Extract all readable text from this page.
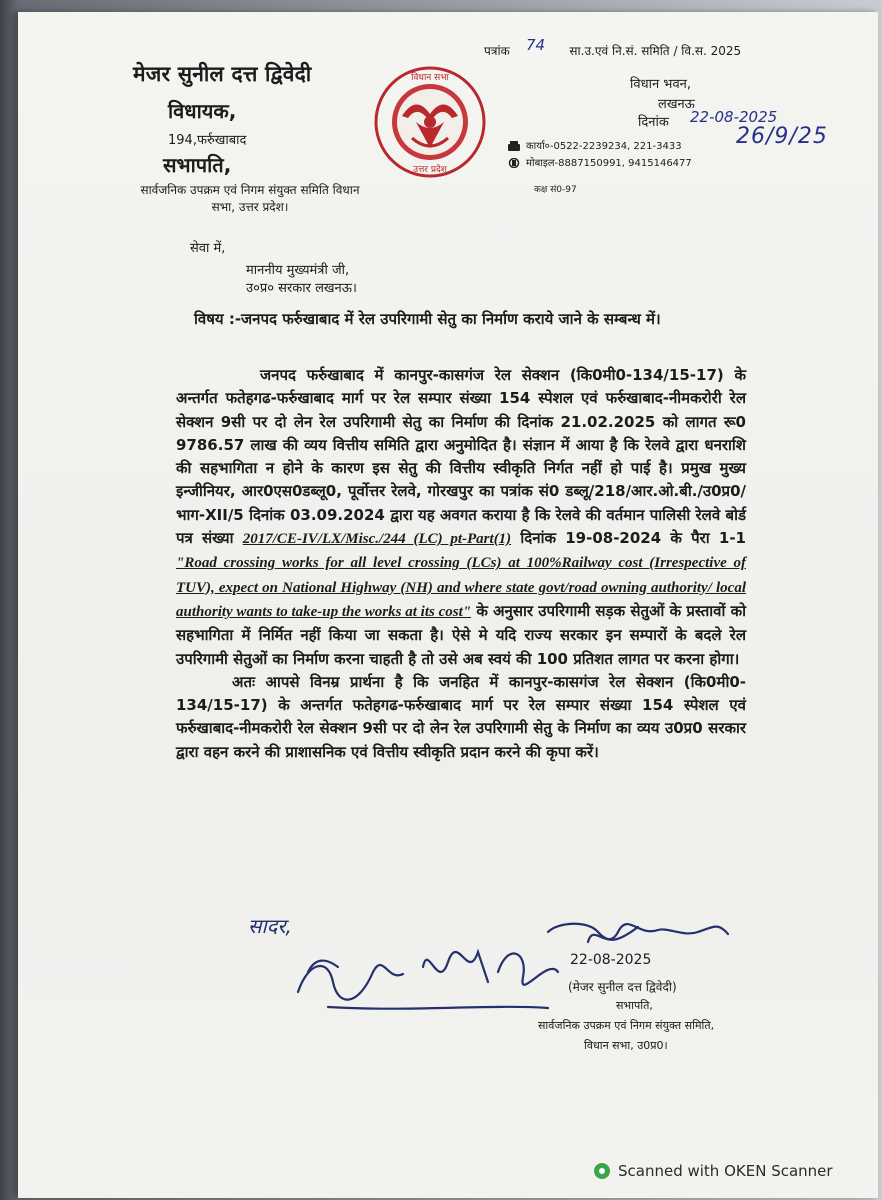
मेजर सुनील दत्त द्विवेदी
विधायक,
194,फर्रुखाबाद
सभापति,
सार्वजनिक उपक्रम एवं निगम संयुक्त समिति विधान सभा, उत्तर प्रदेश।
विधान सभा
उत्तर प्रदेश
पत्रांक	सा.उ.एवं नि.सं. समिति / वि.स. 2025
74
विधान भवन,
लखनऊ
दिनांक 22-08-2025
26/9/25
कार्या०-0522-2239234, 221-3433
मोबाइल-8887150991, 9415146477
कक्ष सं0-97
सेवा में,
माननीय मुख्यमंत्री जी,
उ०प्र० सरकार लखनऊ।
विषय :-जनपद फर्रुखाबाद में रेल उपरिगामी सेतु का निर्माण कराये जाने के सम्बन्ध में।

जनपद फर्रुखाबाद में कानपुर-कासगंज रेल सेक्शन (कि0मी0-134/15-17) के अन्तर्गत फतेहगढ-फर्रुखाबाद मार्ग पर रेल सम्पार संख्या 154 स्पेशल एवं फर्रुखाबाद-नीमकरोरी रेल सेक्शन 9सी पर दो लेन रेल उपरिगामी सेतु का निर्माण की दिनांक 21.02.2025 को लागत रू0 9786.57 लाख की व्यय वित्तीय समिति द्वारा अनुमोदित है। संज्ञान में आया है कि रेलवे द्वारा धनराशि की सहभागिता न होने के कारण इस सेतु की वित्तीय स्वीकृति निर्गत नहीं हो पाई है। प्रमुख मुख्य इन्जीनियर, आर0एस0डब्लू0, पूर्वोत्तर रेलवे, गोरखपुर का पत्रांक सं0 डब्लू/218/आर.ओ.बी./उ0प्र0/भाग-XII/5 दिनांक 03.09.2024 द्वारा यह अवगत कराया है कि रेलवे की वर्तमान पालिसी रेलवे बोर्ड पत्र संख्या 2017/CE-IV/LX/Misc./244 (LC) pt-Part(1) दिनांक 19-08-2024 के पैरा 1-1 "Road crossing works for all level crossing (LCs) at 100%Railway cost (Irrespective of TUV), expect on National Highway (NH) and where state govt/road owning authority/ local authority wants to take-up the works at its cost" के अनुसार उपरिगामी सड़क सेतुओं के प्रस्तावों को सहभागिता में निर्मित नहीं किया जा सकता है। ऐसे मे यदि राज्य सरकार इन सम्पारों के बदले रेल उपरिगामी सेतुओं का निर्माण करना चाहती है तो उसे अब स्वयं की 100 प्रतिशत लागत पर करना होगा।

अतः आपसे विनम्र प्रार्थना है कि जनहित में कानपुर-कासगंज रेल सेक्शन (कि0मी0-134/15-17) के अन्तर्गत फतेहगढ-फर्रुखाबाद मार्ग पर रेल सम्पार संख्या 154 स्पेशल एवं फर्रुखाबाद-नीमकरोरी रेल सेक्शन 9सी पर दो लेन रेल उपरिगामी सेतु के निर्माण का व्यय उ0प्र0 सरकार द्वारा वहन करने की प्राशासनिक एवं वित्तीय स्वीकृति प्रदान करने की कृपा करें।

सादर,
22-08-2025
(मेजर सुनील दत्त द्विवेदी)
सभापति,
सार्वजनिक उपक्रम एवं निगम संयुक्त समिति,
विधान सभा, उ0प्र0।
Scanned with OKEN Scanner
